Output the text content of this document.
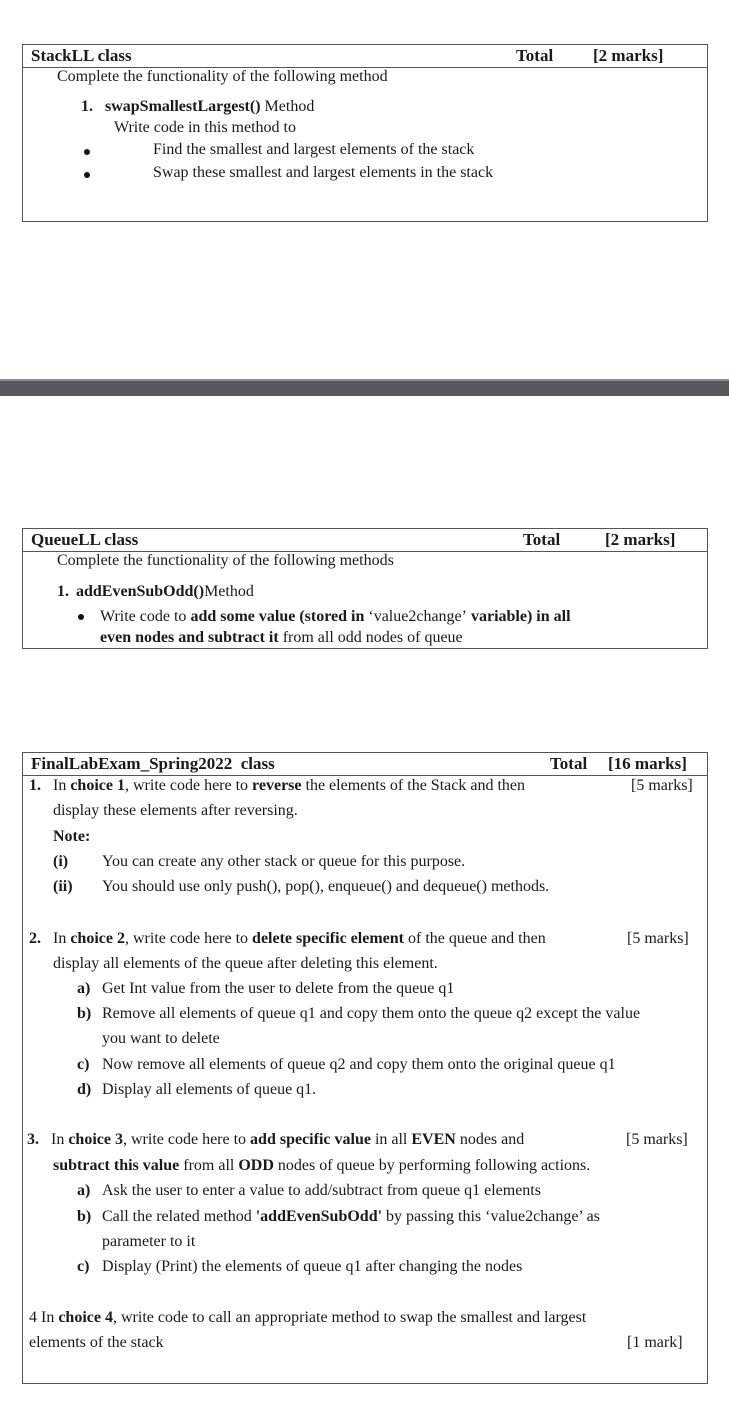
StackLL class	Total [2 marks]
Complete the functionality of the following method
1. swapSmallestLargest() Method
Write code in this method to
Find the smallest and largest elements of the stack
Swap these smallest and largest elements in the stack
QueueLL class	Total	[2 marks]
Complete the functionality of the following methods
1. addEvenSubOdd()Method
Write code to add some value (stored in ‘value2change’ variable) in all
even nodes and subtract it from all odd nodes of queue
FinalLabExam_Spring2022  class	Total [16 marks]
1. In choice 1, write code here to reverse the elements of the Stack and then	[5 marks]
display these elements after reversing.
Note:
(i) You can create any other stack or queue for this purpose.
(ii) You should use only push(), pop(), enqueue() and dequeue() methods.
2. In choice 2, write code here to delete specific element of the queue and then	[5 marks]
display all elements of the queue after deleting this element.
a) Get Int value from the user to delete from the queue q1
b) Remove all elements of queue q1 and copy them onto the queue q2 except the value
you want to delete
c) Now remove all elements of queue q2 and copy them onto the original queue q1
d) Display all elements of queue q1.
3. In choice 3, write code here to add specific value in all EVEN nodes and	[5 marks]
subtract this value from all ODD nodes of queue by performing following actions.
a) Ask the user to enter a value to add/subtract from queue q1 elements
b) Call the related method 'addEvenSubOdd' by passing this ‘value2change’ as
parameter to it
c) Display (Print) the elements of queue q1 after changing the nodes
4 In choice 4, write code to call an appropriate method to swap the smallest and largest
elements of the stack	[1 mark]
